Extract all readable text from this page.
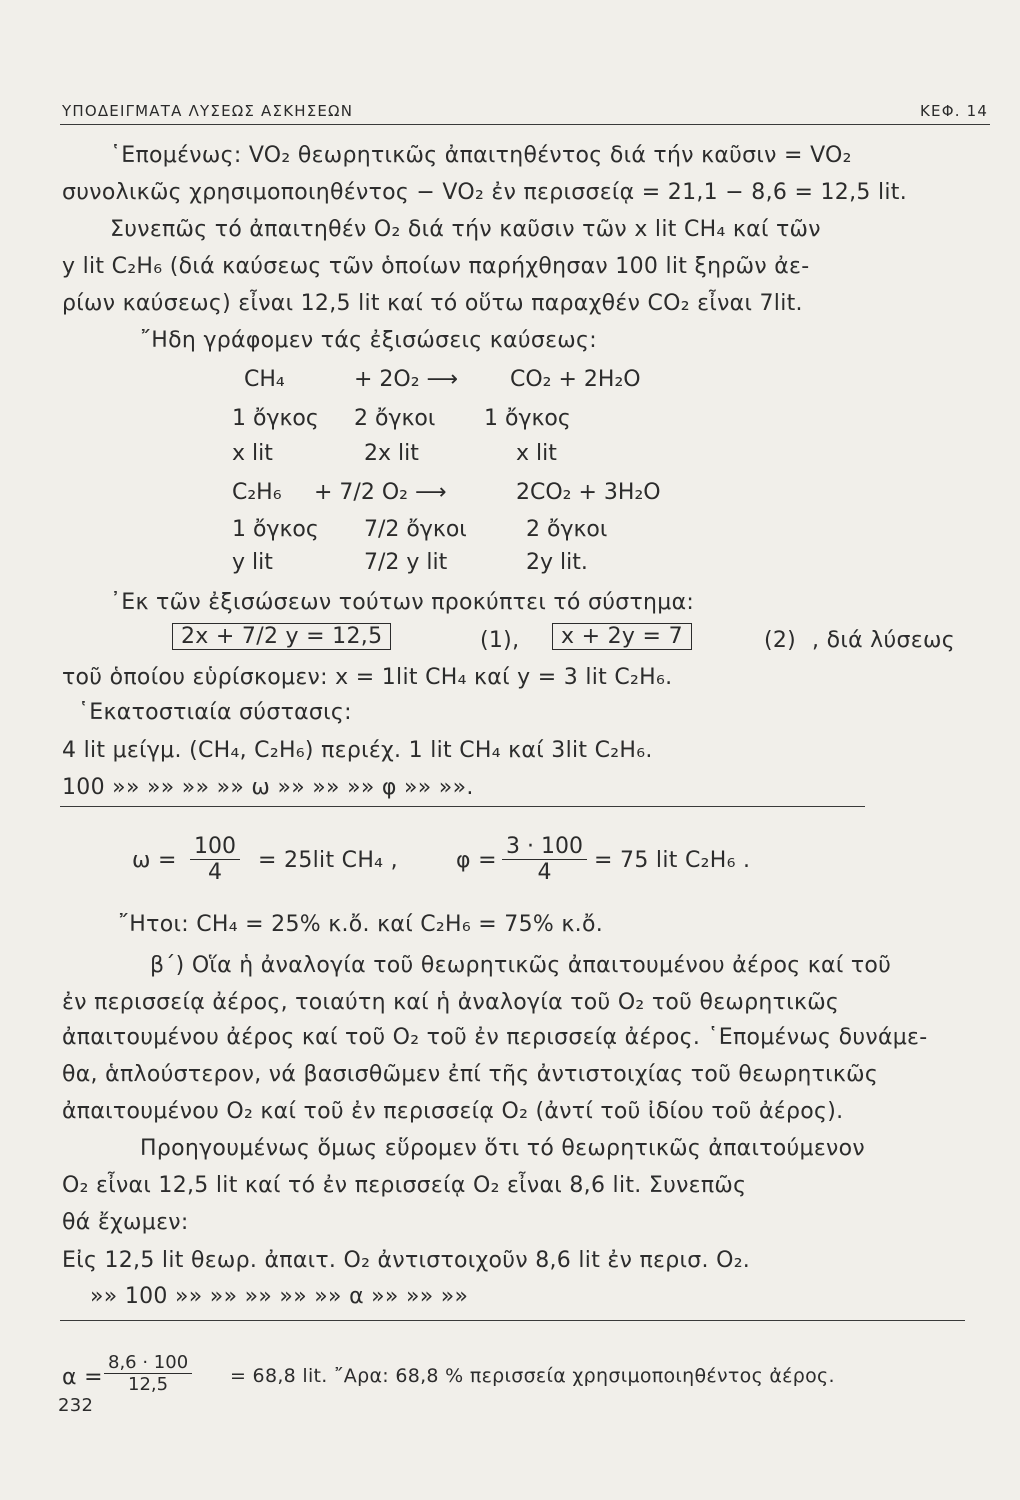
ΥΠΟΔΕΙΓΜΑΤΑ ΛΥΣΕΩΣ ΑΣΚΗΣΕΩΝ	ΚΕΦ. 14
῾Επομένως: VO₂ θεωρητικῶς ἀπαιτηθέντος διά τήν καῦσιν = VO₂
συνολικῶς χρησιμοποιηθέντος − VO₂ ἐν περισσείᾳ = 21,1 − 8,6 = 12,5 lit.
Συνεπῶς τό ἀπαιτηθέν O₂ διά τήν καῦσιν τῶν x lit CH₄ καί τῶν
y lit C₂H₆ (διά καύσεως τῶν ὁποίων παρήχθησαν 100 lit ξηρῶν ἀε-
ρίων καύσεως) εἶναι 12,5 lit καί τό οὕτω παραχθέν CO₂ εἶναι 7lit.
῎Ηδη γράφομεν τάς ἐξισώσεις καύσεως:
CH₄	+ 2O₂ ⟶ CO₂ + 2H₂O
1 ὄγκος 2 ὄγκοι 1 ὄγκος
x lit	2x lit	x lit
C₂H₆ + 7/2 O₂ ⟶	2CO₂ + 3H₂O
1 ὄγκος 7/2 ὄγκοι	2 ὄγκοι
y lit	7/2 y lit	2y lit.
᾿Εκ τῶν ἐξισώσεων τούτων προκύπτει τό σύστημα:
2x + 7/2 y = 12,5	(1),	x + 2y = 7	(2) , διά λύσεως
τοῦ ὁποίου εὑρίσκομεν: x = 1lit CH₄ καί y = 3 lit C₂H₆.
῾Εκατοστιαία σύστασις:
4 lit μείγμ. (CH₄, C₂H₆) περιέχ. 1 lit CH₄ καί 3lit C₂H₆.
100 »» »» »» »» ω »» »» »» φ »» »».
$\omega = \frac{100}{4} = 25lit$ CH₄ ,	$\varphi = \frac{3 \cdot 100}{4} = 75$ lit C₂H₆ .
῎Ητοι: CH₄ = 25% κ.ὄ. καί C₂H₆ = 75% κ.ὄ.
β΄) Οἵα ἡ ἀναλογία τοῦ θεωρητικῶς ἀπαιτουμένου ἀέρος καί τοῦ
ἐν περισσείᾳ ἀέρος, τοιαύτη καί ἡ ἀναλογία τοῦ O₂ τοῦ θεωρητικῶς
ἀπαιτουμένου ἀέρος καί τοῦ O₂ τοῦ ἐν περισσείᾳ ἀέρος. ῾Επομένως δυνάμε-
θα, ἁπλούστερον, νά βασισθῶμεν ἐπί τῆς ἀντιστοιχίας τοῦ θεωρητικῶς
ἀπαιτουμένου O₂ καί τοῦ ἐν περισσείᾳ O₂ (ἀντί τοῦ ἰδίου τοῦ ἀέρος).
Προηγουμένως ὅμως εὕρομεν ὅτι τό θεωρητικῶς ἀπαιτούμενον
O₂ εἶναι 12,5 lit καί τό ἐν περισσείᾳ O₂ εἶναι 8,6 lit. Συνεπῶς
θά ἔχωμεν:
Εἰς 12,5 lit θεωρ. ἀπαιτ. O₂ ἀντιστοιχοῦν 8,6 lit ἐν περισ. O₂.
»» 100 »» »» »» »» »» α »» »» »»
$\alpha = \frac{8,6 \cdot 100}{12,5} = 68,8$ lit. ῎Αρα: 68,8 % περισσεία χρησιμοποιηθέντος ἀέρος.
232
